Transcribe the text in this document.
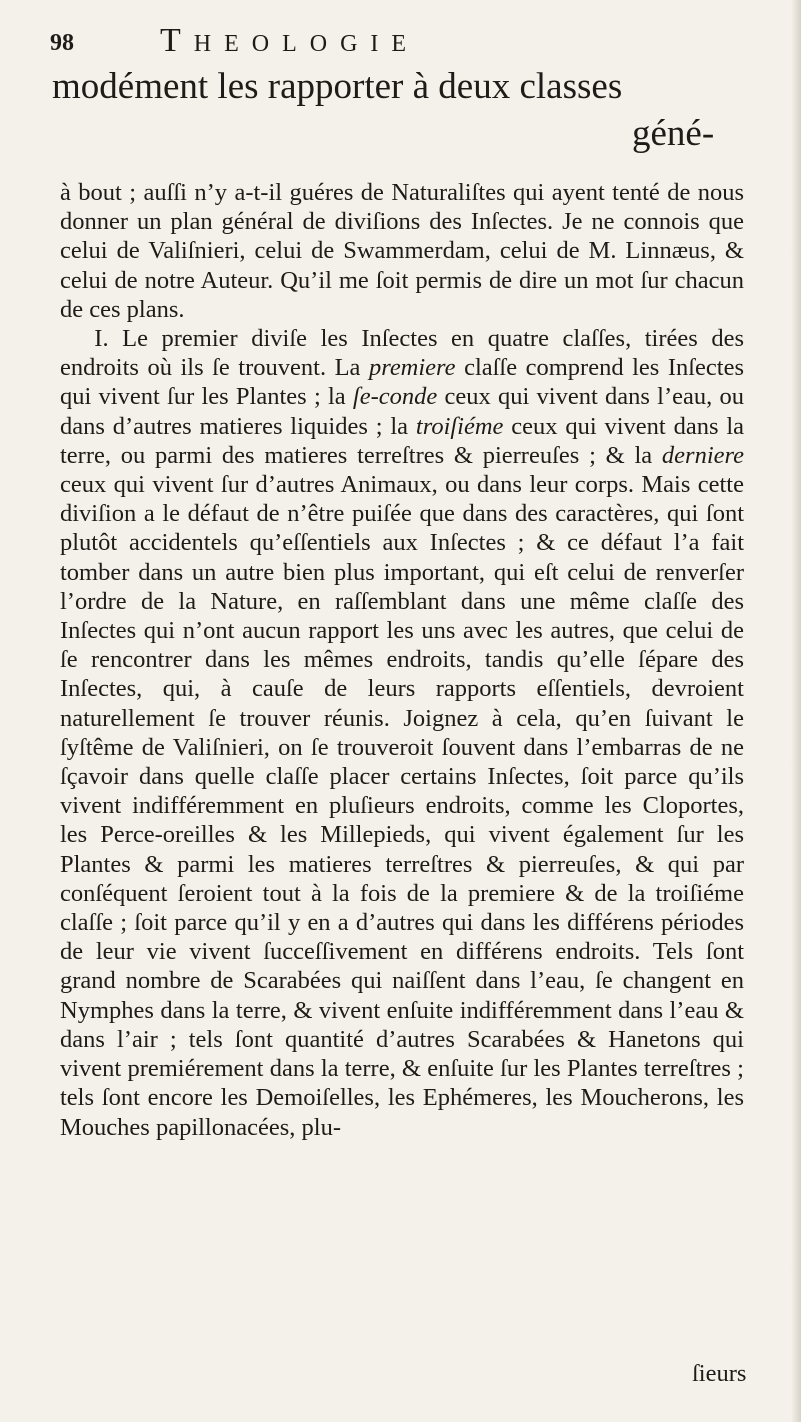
98	Theologie
modément les rapporter à deux classes
géné-

à bout ; auſſi n’y a-t-il guéres de Naturaliſtes qui ayent tenté de nous donner un plan général de diviſions des Inſectes. Je ne connois que celui de Valiſnieri, celui de Swammerdam, celui de M. Linnæus, & celui de notre Auteur. Qu’il me ſoit permis de dire un mot ſur chacun de ces plans.

I. Le premier diviſe les Inſectes en quatre claſſes, tirées des endroits où ils ſe trouvent. La premiere claſſe comprend les Inſectes qui vivent ſur les Plantes ; la ſe-conde ceux qui vivent dans l’eau, ou dans d’autres matieres liquides ; la troiſiéme ceux qui vivent dans la terre, ou parmi des matieres terreſtres & pierreuſes ; & la derniere ceux qui vivent ſur d’autres Animaux, ou dans leur corps. Mais cette diviſion a le défaut de n’être puiſée que dans des caractères, qui ſont plutôt accidentels qu’eſſentiels aux Inſectes ; & ce défaut l’a fait tomber dans un autre bien plus important, qui eſt celui de renverſer l’ordre de la Nature, en raſſemblant dans une même claſſe des Inſectes qui n’ont aucun rapport les uns avec les autres, que celui de ſe rencontrer dans les mêmes endroits, tandis qu’elle ſépare des Inſectes, qui, à cauſe de leurs rapports eſſentiels, devroient naturellement ſe trouver réunis. Joignez à cela, qu’en ſuivant le ſyſtême de Valiſnieri, on ſe trouveroit ſouvent dans l’embarras de ne ſçavoir dans quelle claſſe placer certains Inſectes, ſoit parce qu’ils vivent indifféremment en pluſieurs endroits, comme les Cloportes, les Perce-oreilles & les Millepieds, qui vivent également ſur les Plantes & parmi les matieres terreſtres & pierreuſes, & qui par conſéquent ſeroient tout à la fois de la premiere & de la troiſiéme claſſe ; ſoit parce qu’il y en a d’autres qui dans les différens périodes de leur vie vivent ſucceſſivement en différens endroits. Tels ſont grand nombre de Scarabées qui naiſſent dans l’eau, ſe changent en Nymphes dans la terre, & vivent enſuite indifféremment dans l’eau & dans l’air ; tels ſont quantité d’autres Scarabées & Hanetons qui vivent premiérement dans la terre, & enſuite ſur les Plantes terreſtres ; tels ſont encore les Demoiſelles, les Ephémeres, les Moucherons, les Mouches papillonacées, plu-

ſieurs
